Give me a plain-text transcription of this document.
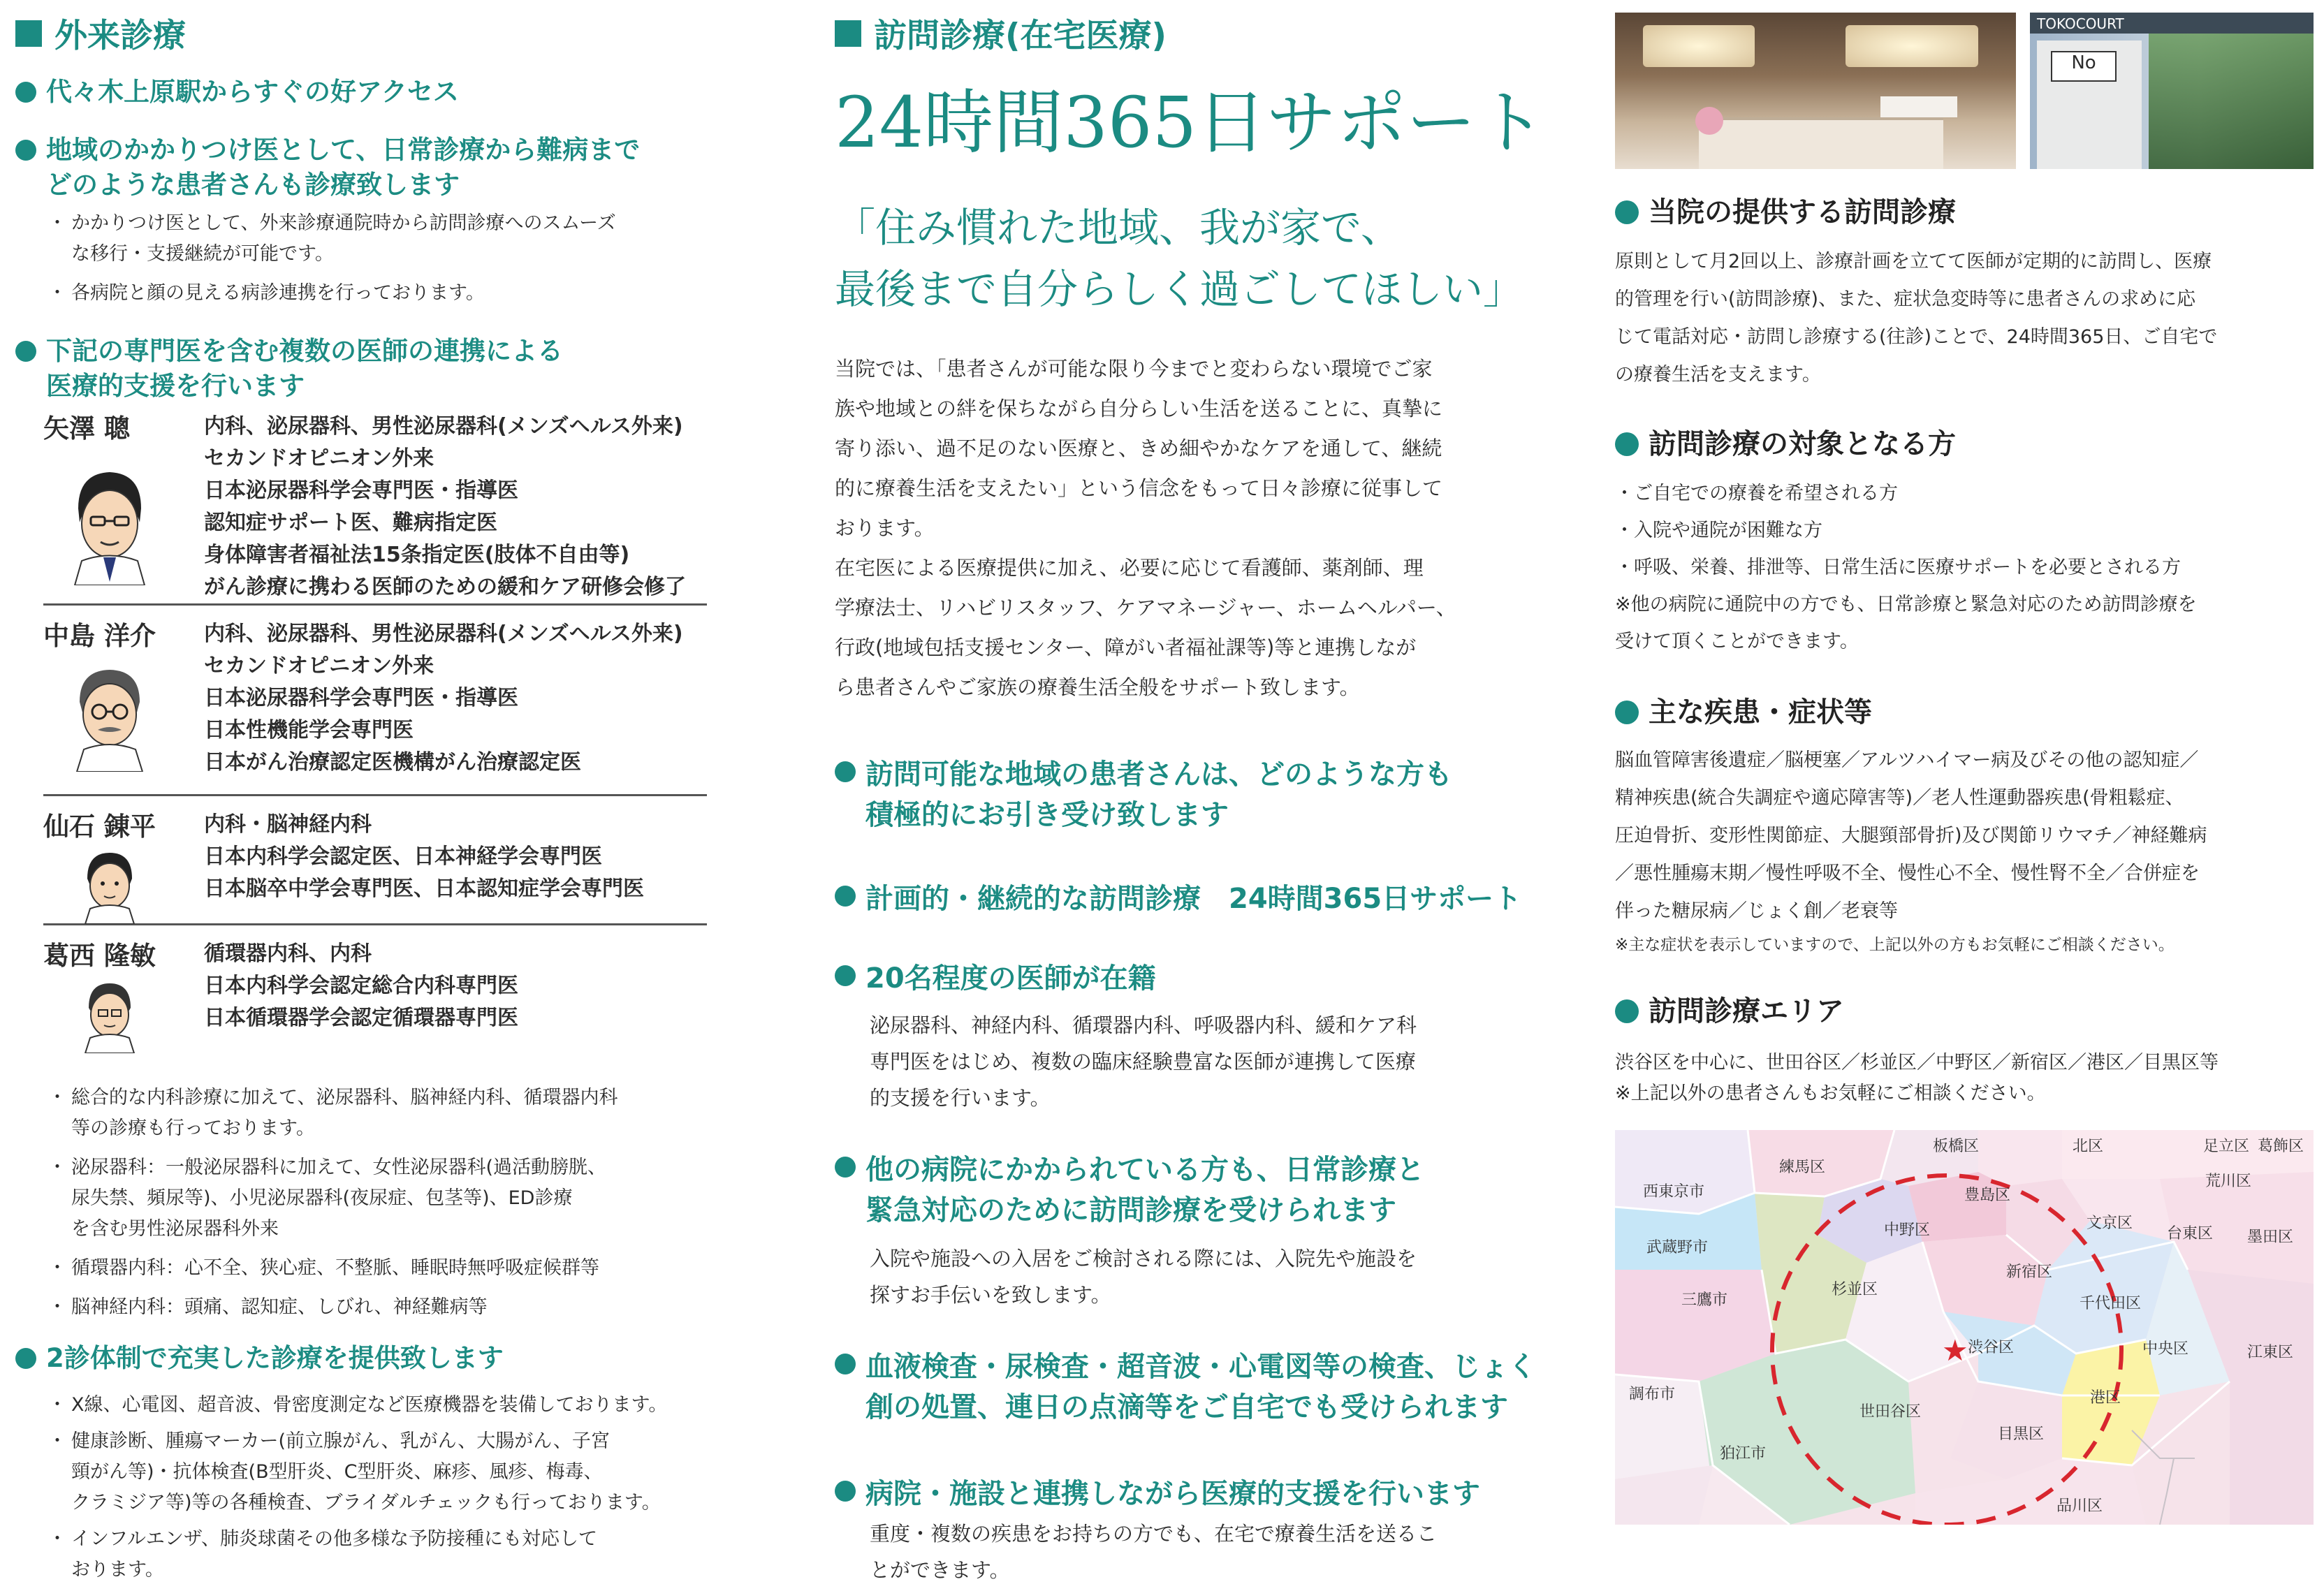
外来診療
代々木上原駅からすぐの好アクセス
地域のかかりつけ医として、日常診療から難病まで
どのような患者さんも診療致します
・ かかりつけ医として、外来診療通院時から訪問診療へのスムーズ
な移行・支援継続が可能です。
・ 各病院と顔の見える病診連携を行っております。
下記の専門医を含む複数の医師の連携による
医療的支援を行います
矢澤 聰	内科、泌尿器科、男性泌尿器科(メンズヘルス外来)
セカンドオピニオン外来
日本泌尿器科学会専門医・指導医
認知症サポート医、難病指定医
身体障害者福祉法15条指定医(肢体不自由等)
がん診療に携わる医師のための緩和ケア研修会修了
中島 洋介	内科、泌尿器科、男性泌尿器科(メンズヘルス外来)
セカンドオピニオン外来
日本泌尿器科学会専門医・指導医
日本性機能学会専門医
日本がん治療認定医機構がん治療認定医
仙石 錬平	内科・脳神経内科
日本内科学会認定医、日本神経学会専門医
日本脳卒中学会専門医、日本認知症学会専門医
葛西 隆敏	循環器内科、内科
日本内科学会認定総合内科専門医
日本循環器学会認定循環器専門医
・ 総合的な内科診療に加えて、泌尿器科、脳神経内科、循環器内科
等の診療も行っております。
・ 泌尿器科：一般泌尿器科に加えて、女性泌尿器科(過活動膀胱、
尿失禁、頻尿等)、小児泌尿器科(夜尿症、包茎等)、ED診療
を含む男性泌尿器科外来
・ 循環器内科：心不全、狭心症、不整脈、睡眠時無呼吸症候群等
・ 脳神経内科：頭痛、認知症、しびれ、神経難病等
2診体制で充実した診療を提供致します
・ X線、心電図、超音波、骨密度測定など医療機器を装備しております。
・ 健康診断、腫瘍マーカー(前立腺がん、乳がん、大腸がん、子宮
頸がん等)・抗体検査(B型肝炎、C型肝炎、麻疹、風疹、梅毒、
クラミジア等)等の各種検査、ブライダルチェックも行っております。
・ インフルエンザ、肺炎球菌その他多様な予防接種にも対応して
おります。
訪問診療(在宅医療)
24時間365日サポート
「住み慣れた地域、我が家で、
最後まで自分らしく過ごしてほしい」
当院では、「患者さんが可能な限り今までと変わらない環境でご家
族や地域との絆を保ちながら自分らしい生活を送ることに、真摯に
寄り添い、過不足のない医療と、きめ細やかなケアを通して、継続
的に療養生活を支えたい」という信念をもって日々診療に従事して
おります。
在宅医による医療提供に加え、必要に応じて看護師、薬剤師、理
学療法士、リハビリスタッフ、ケアマネージャー、ホームヘルパー、
行政(地域包括支援センター、障がい者福祉課等)等と連携しなが
ら患者さんやご家族の療養生活全般をサポート致します。
訪問可能な地域の患者さんは、どのような方も
積極的にお引き受け致します
計画的・継続的な訪問診療　24時間365日サポート
20名程度の医師が在籍
泌尿器科、神経内科、循環器内科、呼吸器内科、緩和ケア科
専門医をはじめ、複数の臨床経験豊富な医師が連携して医療
的支援を行います。
他の病院にかかられている方も、日常診療と
緊急対応のために訪問診療を受けられます
入院や施設への入居をご検討される際には、入院先や施設を
探すお手伝いを致します。
血液検査・尿検査・超音波・心電図等の検査、じょく
創の処置、連日の点滴等をご自宅でも受けられます
病院・施設と連携しながら医療的支援を行います
重度・複数の疾患をお持ちの方でも、在宅で療養生活を送るこ
とができます。
TOKOCOURT
No
当院の提供する訪問診療
原則として月2回以上、診療計画を立てて医師が定期的に訪問し、医療
的管理を行い(訪問診療)、また、症状急変時等に患者さんの求めに応
じて電話対応・訪問し診療する(往診)ことで、24時間365日、ご自宅で
の療養生活を支えます。
訪問診療の対象となる方
・ご自宅での療養を希望される方
・入院や通院が困難な方
・呼吸、栄養、排泄等、日常生活に医療サポートを必要とされる方
※他の病院に通院中の方でも、日常診療と緊急対応のため訪問診療を
受けて頂くことができます。
主な疾患・症状等
脳血管障害後遺症／脳梗塞／アルツハイマー病及びその他の認知症／
精神疾患(統合失調症や適応障害等)／老人性運動器疾患(骨粗鬆症、
圧迫骨折、変形性関節症、大腿頸部骨折)及び関節リウマチ／神経難病
／悪性腫瘍末期／慢性呼吸不全、慢性心不全、慢性腎不全／合併症を
伴った糖尿病／じょく創／老衰等
※主な症状を表示していますので、上記以外の方もお気軽にご相談ください。
訪問診療エリア
渋谷区を中心に、世田谷区／杉並区／中野区／新宿区／港区／目黒区等
※上記以外の患者さんもお気軽にご相談ください。
★
練馬区
板橋区	北区	足立区 葛飾区
西東京市	豊島区
荒川区
中野区	文京区
武蔵野市
台東区 墨田区
新宿区
杉並区
三鷹市	千代田区
渋谷区	中央区	江東区
調布市
世田谷区
港区
目黒区
狛江市
品川区
